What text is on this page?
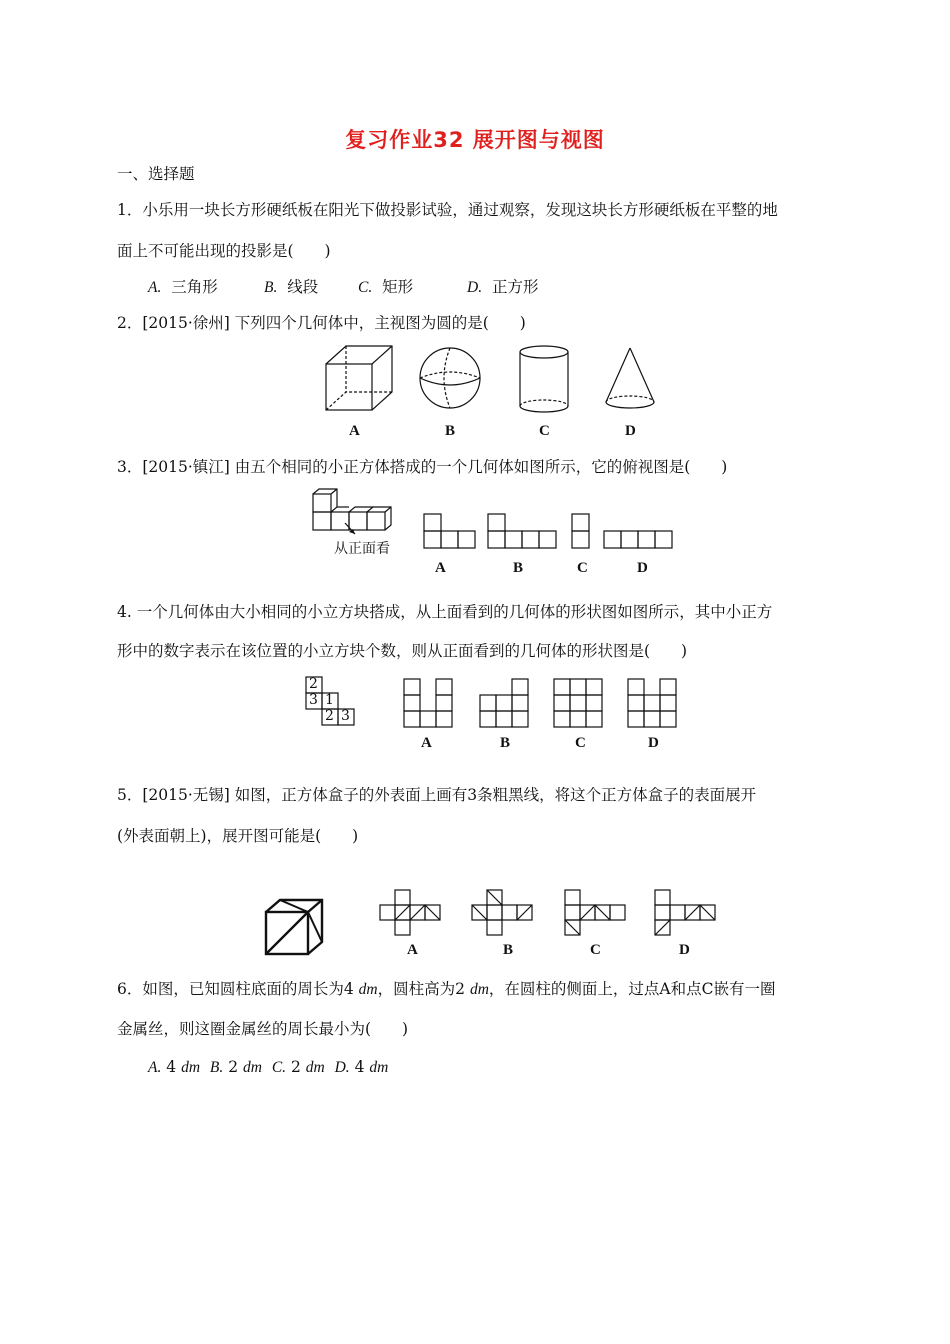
复习作业32 展开图与视图
一、选择题
1．小乐用一块长方形硬纸板在阳光下做投影试验，通过观察，发现这块长方形硬纸板在平整的地
面上不可能出现的投影是(　　)
A. 三角形	B. 线段	C. 矩形	D. 正方形
2．[2015·徐州] 下列四个几何体中，主视图为圆的是(　　)
A	B	C	D
3．[2015·镇江] 由五个相同的小正方体搭成的一个几何体如图所示，它的俯视图是(　　)
从正面看
A	B	C	D
4. 一个几何体由大小相同的小立方块搭成，从上面看到的几何体的形状图如图所示，其中小正方
形中的数字表示在该位置的小立方块个数，则从正面看到的几何体的形状图是(　　)
2
3 1
2 3
A	B	C	D
5．[2015·无锡] 如图，正方体盒子的外表面上画有3条粗黑线，将这个正方体盒子的表面展开
(外表面朝上)，展开图可能是(　　)
A	B	C	D
6．如图，已知圆柱底面的周长为4 dm，圆柱高为2 dm，在圆柱的侧面上，过点A和点C嵌有一圈
金属丝，则这圈金属丝的周长最小为(　　)
A. 4 dm B. 2 dm C. 2 dm D. 4 dm
